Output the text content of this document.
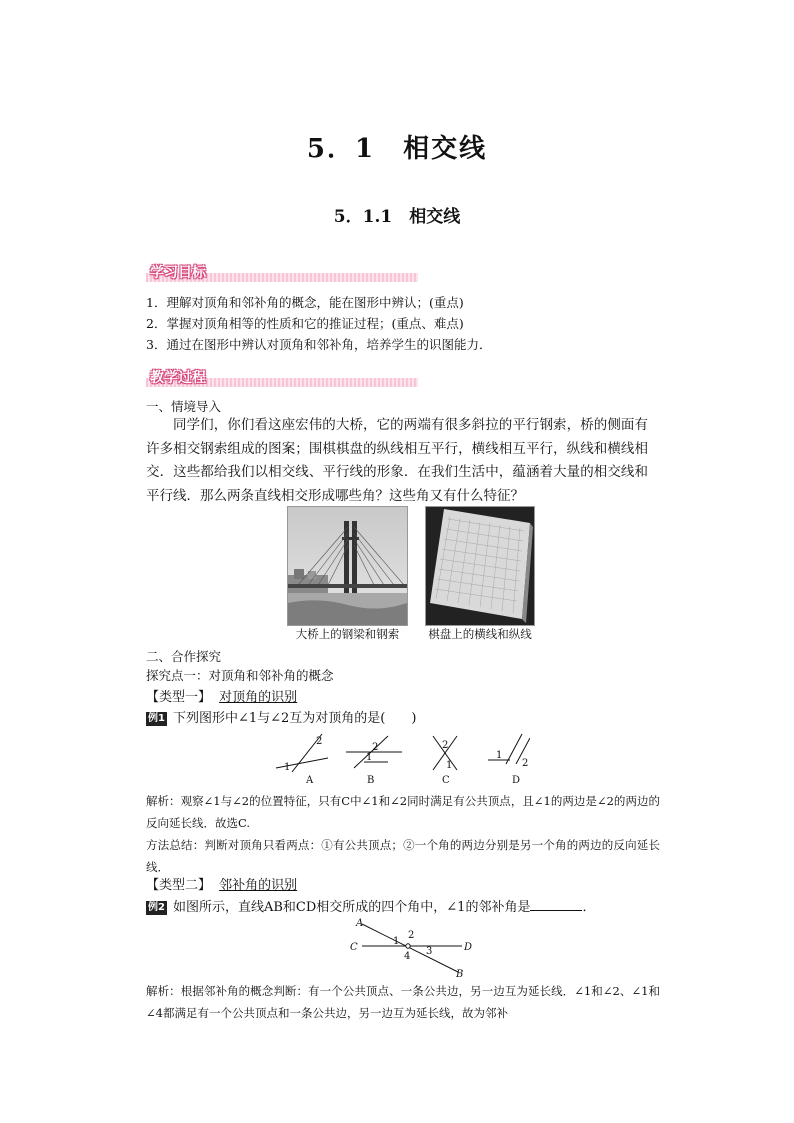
5．1　相交线
5．1.1　相交线
学习目标
1．理解对顶角和邻补角的概念，能在图形中辨认；(重点)
2．掌握对顶角相等的性质和它的推证过程；(重点、难点)
3．通过在图形中辨认对顶角和邻补角，培养学生的识图能力．
教学过程
一、情境导入
同学们，你们看这座宏伟的大桥，它的两端有很多斜拉的平行钢索，桥的侧面有许多相交钢索组成的图案；围棋棋盘的纵线相互平行，横线相互平行，纵线和横线相交．这些都给我们以相交线、平行线的形象．在我们生活中，蕴涵着大量的相交线和平行线．那么两条直线相交形成哪些角？这些角又有什么特征？
大桥上的钢梁和钢索	棋盘上的横线和纵线
二、合作探究
探究点一：对顶角和邻补角的概念
【类型一】 对顶角的识别
例1 下列图形中∠1与∠2互为对顶角的是(　　)
1
2
1
2	2
1
1
2
A	B	C	D
解析：观察∠1与∠2的位置特征，只有C中∠1和∠2同时满足有公共顶点，且∠1的两边是∠2的两边的反向延长线．故选C.
方法总结：判断对顶角只看两点：①有公共顶点；②一个角的两边分别是另一个角的两边的反向延长线．
【类型二】 邻补角的识别
例2 如图所示，直线AB和CD相交所成的四个角中，∠1的邻补角是	．
A
B
C	D
1
2
3
4
解析：根据邻补角的概念判断：有一个公共顶点、一条公共边，另一边互为延长线．∠1和∠2、∠1和∠4都满足有一个公共顶点和一条公共边，另一边互为延长线，故为邻补
